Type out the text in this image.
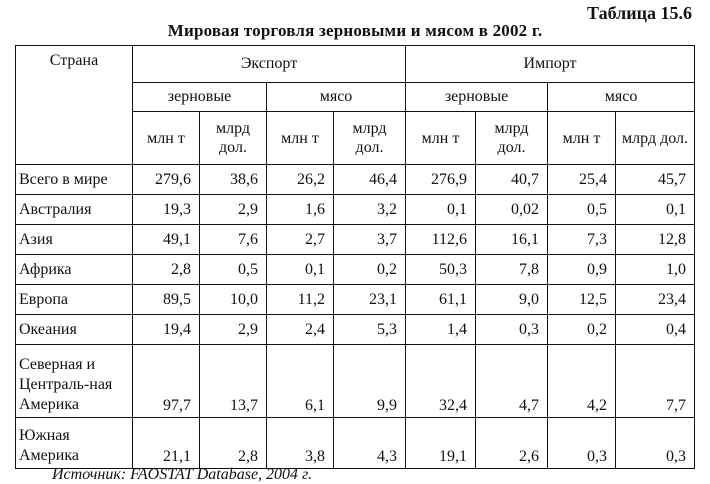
Таблица 15.6
Мировая торговля зерновыми и мясом в 2002 г.
Страна	Экспорт				Импорт			
	зерновые		мясо		зерновые		мясо	
	млн т	млрд дол.	млн т	млрд дол.	млн т	млрд дол.	млн т	млрд дол.

Всего в мире	279,6	38,6	26,2	46,4	276,9	40,7	25,4	45,7

Австралия	19,3	2,9	1,6	3,2	0,1	0,02	0,5	0,1

Азия	49,1	7,6	2,7	3,7	112,6	16,1	7,3	12,8

Африка	2,8	0,5	0,1	0,2	50,3	7,8	0,9	1,0

Европа	89,5	10,0	11,2	23,1	61,1	9,0	12,5	23,4

Океания	19,4	2,9	2,4	5,3	1,4	0,3	0,2	0,4

Северная и Централь-ная Америка	97,7	13,7	6,1	9,9	32,4	4,7	4,2	7,7

Южная Америка	21,1	2,8	3,8	4,3	19,1	2,6	0,3	0,3
Источник: FAOSTAT Database, 2004 г.
